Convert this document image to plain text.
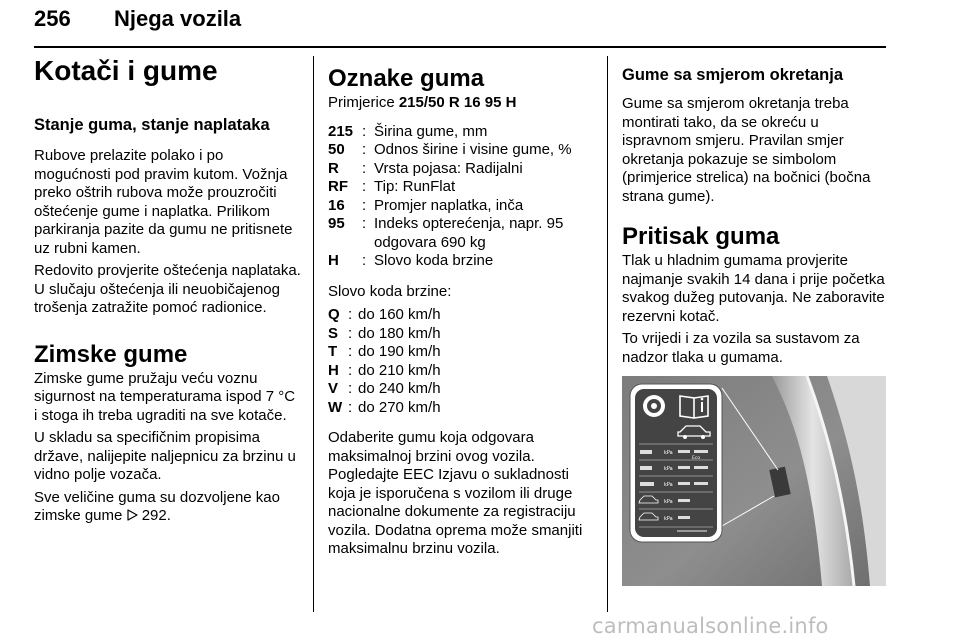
256 Njega vozila
Kotači i gume
Stanje guma, stanje naplataka

Rubove prelazite polako i po mogućnosti pod pravim kutom. Vožnja preko oštrih rubova može prouzročiti oštećenje gume i naplatka. Prilikom parkiranja pazite da gumu ne pritisnete uz rubni kamen.

Redovito provjerite oštećenja naplataka. U slučaju oštećenja ili neuobičajenog trošenja zatražite pomoć radionice.

Zimske gume

Zimske gume pružaju veću voznu sigurnost na temperaturama ispod 7 °C i stoga ih treba ugraditi na sve kotače.

U skladu sa specifičnim propisima države, nalijepite naljepnicu za brzinu u vidno polje vozača.

Sve veličine guma su dozvoljene kao zimske gume  292.

Oznake guma

Primjerice 215/50 R 16 95 H

215 : Širina gume, mm
50	: Odnos širine i visine gume, %
R	: Vrsta pojasa: Radijalni
RF : Tip: RunFlat
16	: Promjer naplatka, inča
95	: Indeks opterećenja, napr. 95 odgovara 690 kg
H	: Slovo koda brzine

Slovo koda brzine:

Q : do 160 km/h
S : do 180 km/h
T : do 190 km/h
H : do 210 km/h
V : do 240 km/h
W : do 270 km/h

Odaberite gumu koja odgovara maksimalnoj brzini ovog vozila. Pogledajte EEC Izjavu o sukladnosti koja je isporučena s vozilom ili druge nacionalne dokumente za registraciju vozila. Dodatna oprema može smanjiti maksimalnu brzinu vozila.

Gume sa smjerom okretanja

Gume sa smjerom okretanja treba montirati tako, da se okreću u ispravnom smjeru. Pravilan smjer okretanja pokazuje se simbolom (primjerice strelica) na bočnici (bočna strana gume).

Pritisak guma

Tlak u hladnim gumama provjerite najmanje svakih 14 dana i prije početka svakog dužeg putovanja. Ne zaboravite rezervni kotač.

To vrijedi i za vozila sa sustavom za nadzor tlaka u gumama.

kPa
Eco
kPa
kPa
kPa
kPa
carmanualsonline.info
